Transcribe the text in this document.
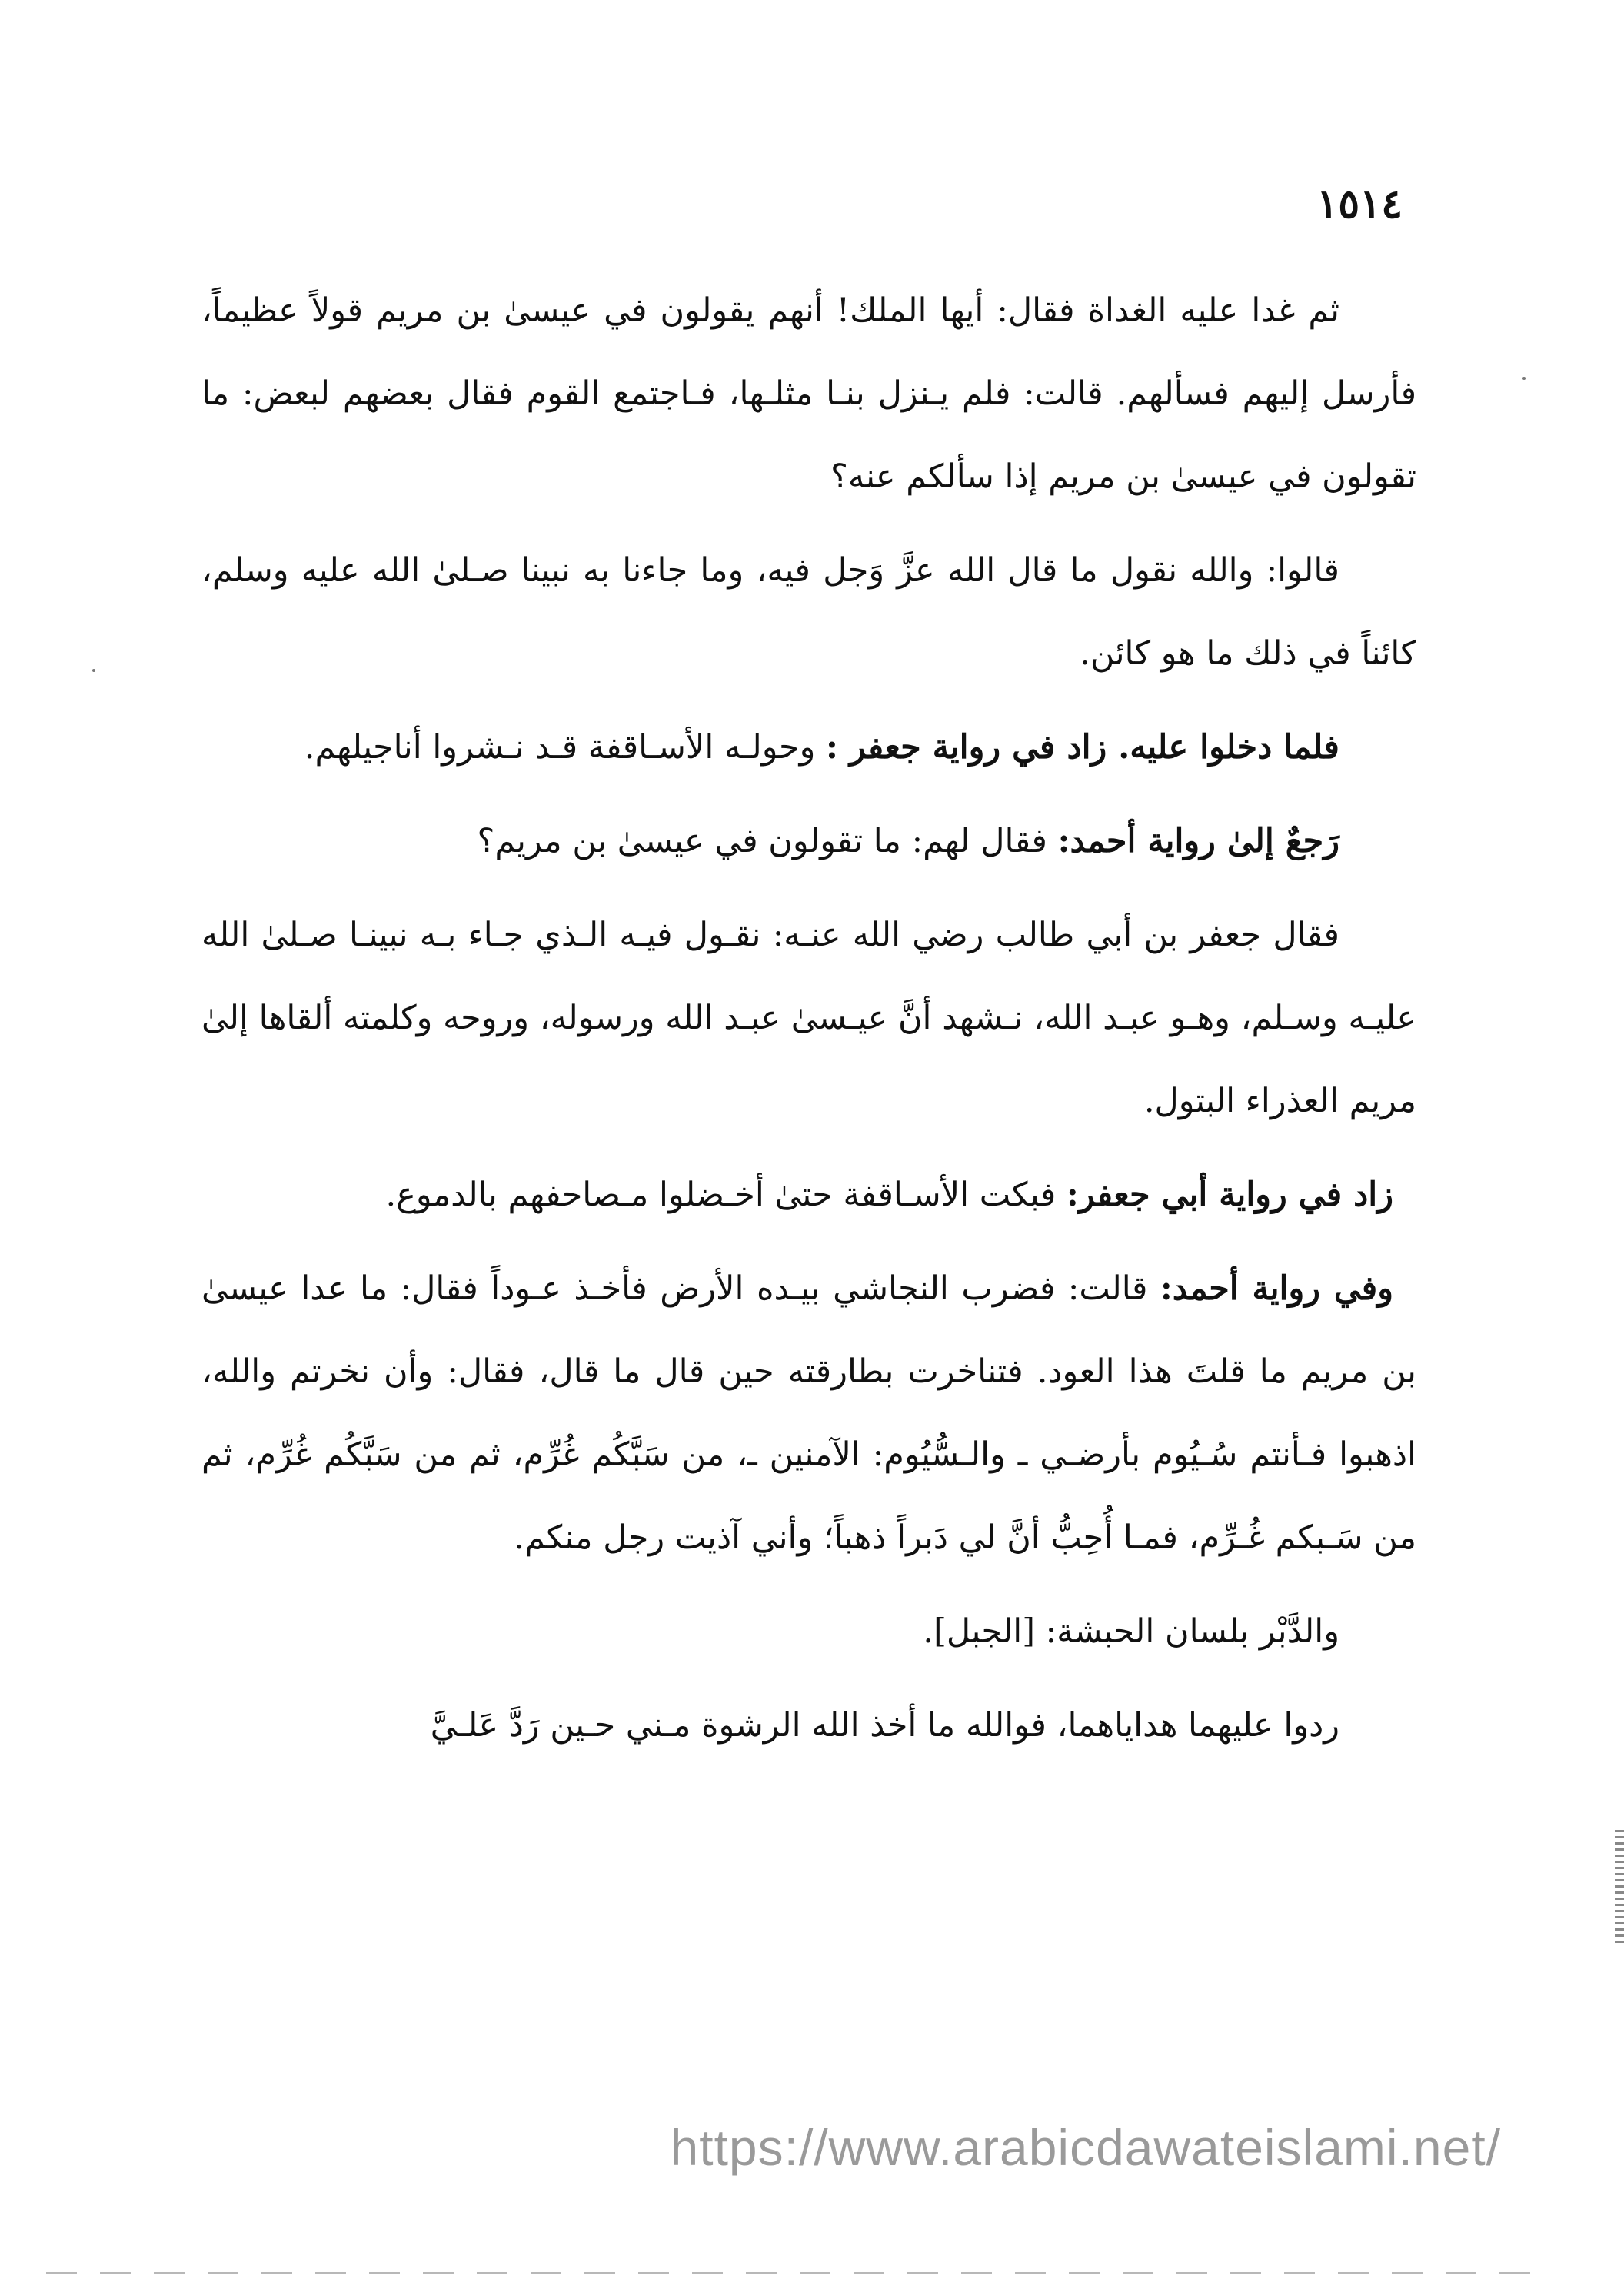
١٥١٤

ثم غدا عليه الغداة فقال: أيها الملك! أنهم يقولون في عيسىٰ بن مريم قولاً عظيماً، فأرسل إليهم فسألهم. قالت: فلم يـنزل بنـا مثلـها، فـاجتمع القوم فقال بعضهم لبعض: ما تقولون في عيسىٰ بن مريم إذا سألكم عنه؟

قالوا: والله نقول ما قال الله عزَّ وَجل فيه، وما جاءنا به نبينا صـلىٰ الله عليه وسلم، كائناً في ذلك ما هو كائن.

فلما دخلوا عليه. زاد في رواية جعفر : وحولـه الأسـاقفة قـد نـشروا أناجيلهم.

رَجعٌ إلىٰ رواية أحمد: فقال لهم: ما تقولون في عيسىٰ بن مريم؟

فقال جعفر بن أبي طالب رضي الله عنـه: نقـول فيـه الـذي جـاء بـه نبينـا صـلىٰ الله عليـه وسـلم، وهـو عبـد الله، نـشهد أنَّ عيـسىٰ عبـد الله ورسوله، وروحه وكلمته ألقاها إلىٰ مريم العذراء البتول.

زاد في رواية أبي جعفر: فبكت الأسـاقفة حتىٰ أخـضلوا مـصاحفهم بالدموع.

وفي رواية أحمد: قالت: فضرب النجاشي بيـده الأرض فأخـذ عـوداً فقال: ما عدا عيسىٰ بن مريم ما قلتَ هذا العود. فتناخرت بطارقته حين قال ما قال، فقال: وأن نخرتم والله، اذهبوا فـأنتم سُـيُوم بأرضـي ـ والـسُّيُوم: الآمنين ـ، من سَبَّكُم غُرِّم، ثم من سَبَّكُم غُرِّم، ثم من سَـبكم غُـرِّم، فمـا أُحِبُّ أنَّ لي دَبراً ذهباً؛ وأني آذيت رجل منكم.

والدَّبْر بلسان الحبشة: [الجبل].

ردوا عليهما هداياهما، فوالله ما أخذ الله الرشوة مـني حـين رَدَّ عَلـيَّ

https://www.arabicdawateislami.net/
